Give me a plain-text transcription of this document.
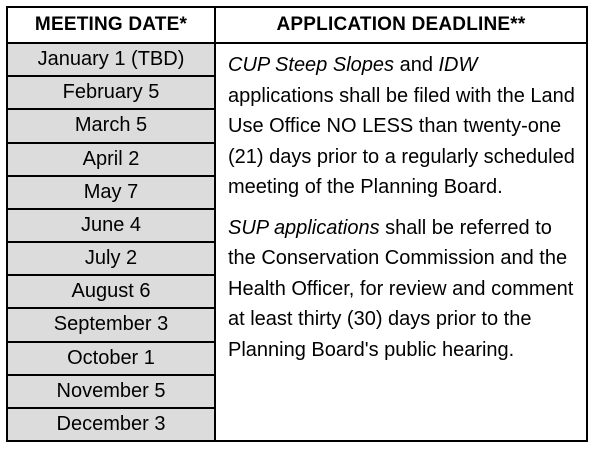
MEETING DATE*
January 1 (TBD)
February 5
March 5
April 2
May 7
June 4
July 2
August 6
September 3
October 1
November 5
December 3
APPLICATION DEADLINE**

CUP Steep Slopes and IDW applications shall be filed with the Land Use Office NO LESS than twenty-one (21) days prior to a regularly scheduled meeting of the Planning Board.

SUP applications shall be referred to the Conservation Commission and the Health Officer, for review and comment at least thirty (30) days prior to the Planning Board's public hearing.
